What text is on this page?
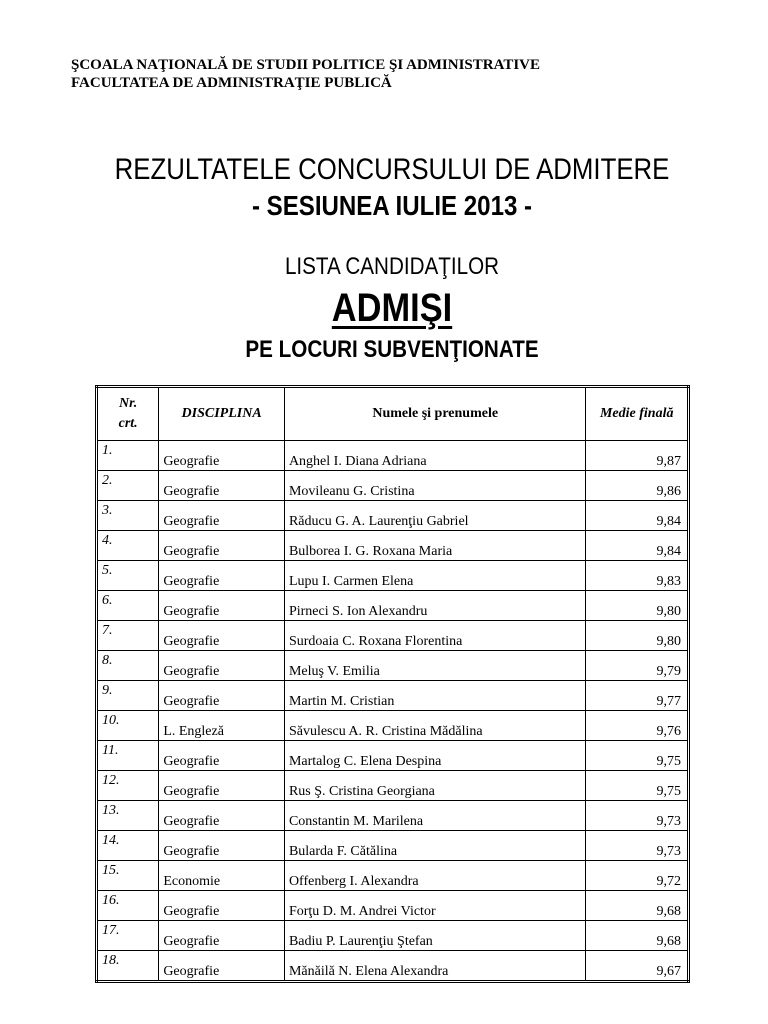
ŞCOALA NAŢIONALĂ DE STUDII POLITICE ŞI ADMINISTRATIVE
FACULTATEA DE ADMINISTRAŢIE PUBLICĂ
REZULTATELE CONCURSULUI DE ADMITERE
- SESIUNEA IULIE 2013 -
LISTA CANDIDAŢILOR
ADMIŞI
PE LOCURI SUBVENŢIONATE
Nr.
crt.	DISCIPLINA	Numele şi prenumele	Medie finală
1.	Geografie	Anghel I. Diana Adriana	9,87
2.	Geografie	Movileanu G. Cristina	9,86
3.	Geografie	Răducu G. A. Laurenţiu Gabriel	9,84
4.	Geografie	Bulborea I. G. Roxana Maria	9,84
5.	Geografie	Lupu I. Carmen Elena	9,83
6.	Geografie	Pirneci S. Ion Alexandru	9,80
7.	Geografie	Surdoaia C. Roxana Florentina	9,80
8.	Geografie	Meluş V. Emilia	9,79
9.	Geografie	Martin M. Cristian	9,77
10.	L. Engleză	Săvulescu A. R. Cristina Mădălina	9,76
11.	Geografie	Martalog C. Elena Despina	9,75
12.	Geografie	Rus Ş. Cristina Georgiana	9,75
13.	Geografie	Constantin M. Marilena	9,73
14.	Geografie	Bularda F. Cătălina	9,73
15.	Economie	Offenberg I. Alexandra	9,72
16.	Geografie	Forţu D. M. Andrei Victor	9,68
17.	Geografie	Badiu P. Laurenţiu Ştefan	9,68
18.	Geografie	Mănăilă N. Elena Alexandra	9,67
